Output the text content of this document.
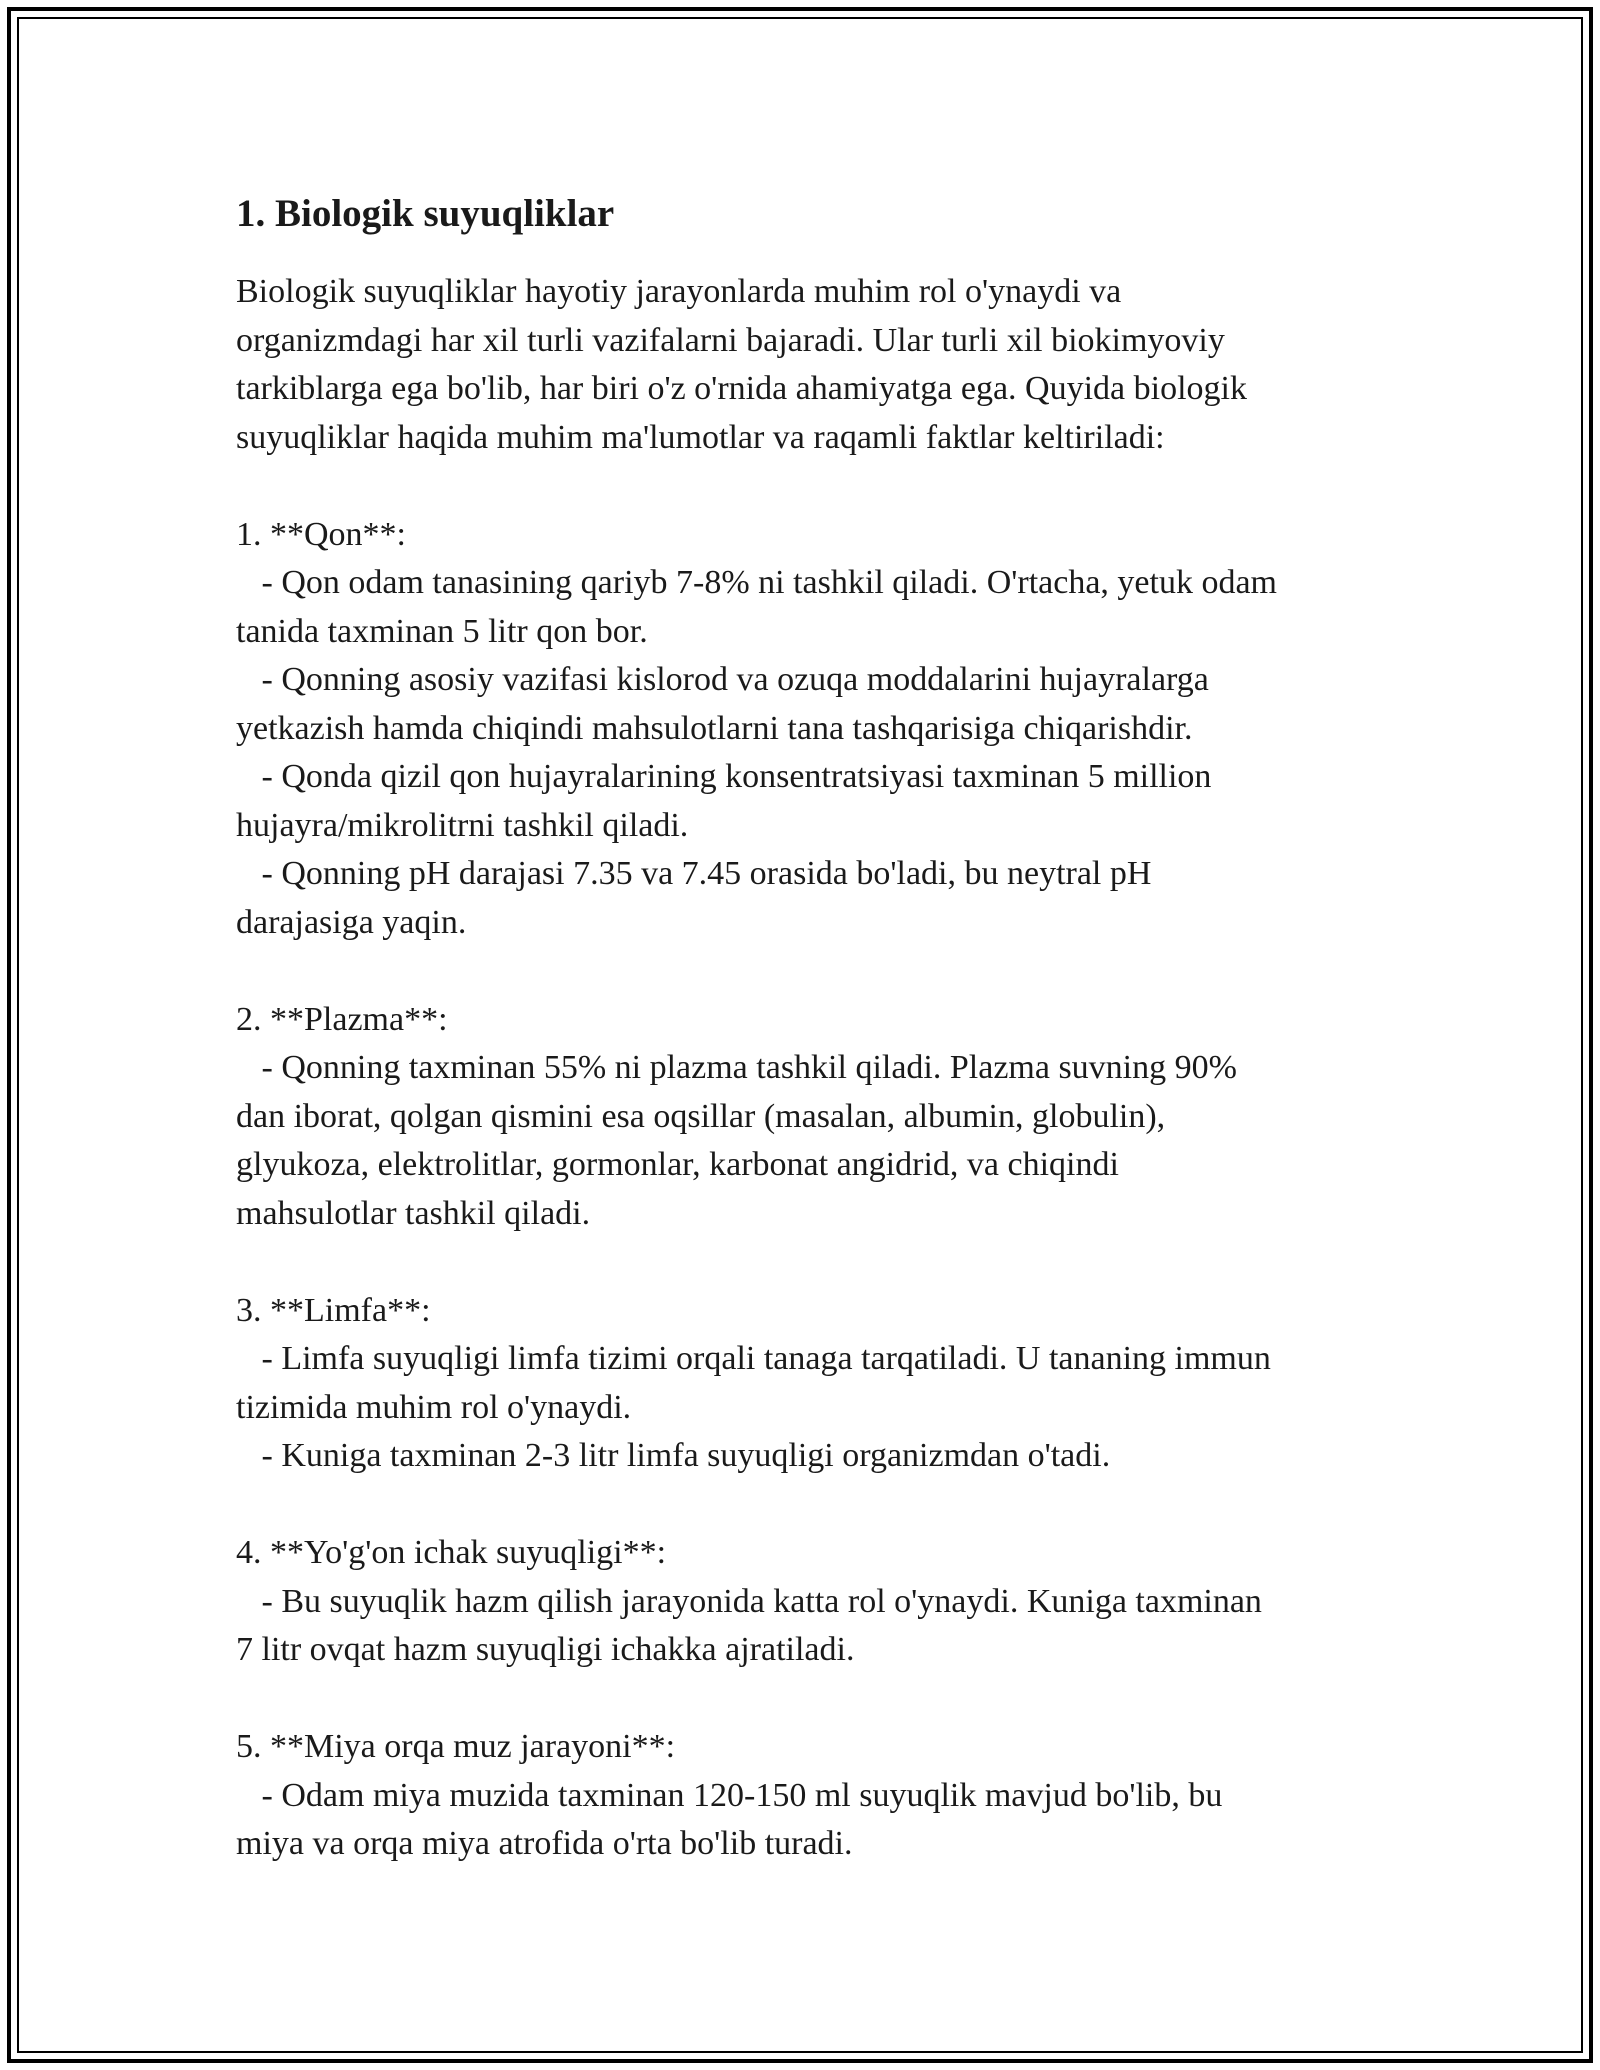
1. Biologik suyuqliklar
Biologik suyuqliklar hayotiy jarayonlarda muhim rol o'ynaydi va
organizmdagi har xil turli vazifalarni bajaradi. Ular turli xil biokimyoviy
tarkiblarga ega bo'lib, har biri o'z o'rnida ahamiyatga ega. Quyida biologik
suyuqliklar haqida muhim ma'lumotlar va raqamli faktlar keltiriladi:

1. **Qon**:
- Qon odam tanasining qariyb 7-8% ni tashkil qiladi. O'rtacha, yetuk odam
tanida taxminan 5 litr qon bor.
- Qonning asosiy vazifasi kislorod va ozuqa moddalarini hujayralarga
yetkazish hamda chiqindi mahsulotlarni tana tashqarisiga chiqarishdir.
- Qonda qizil qon hujayralarining konsentratsiyasi taxminan 5 million
hujayra/mikrolitrni tashkil qiladi.
- Qonning pH darajasi 7.35 va 7.45 orasida bo'ladi, bu neytral pH
darajasiga yaqin.

2. **Plazma**:
- Qonning taxminan 55% ni plazma tashkil qiladi. Plazma suvning 90%
dan iborat, qolgan qismini esa oqsillar (masalan, albumin, globulin),
glyukoza, elektrolitlar, gormonlar, karbonat angidrid, va chiqindi
mahsulotlar tashkil qiladi.

3. **Limfa**:
- Limfa suyuqligi limfa tizimi orqali tanaga tarqatiladi. U tananing immun
tizimida muhim rol o'ynaydi.
- Kuniga taxminan 2-3 litr limfa suyuqligi organizmdan o'tadi.

4. **Yo'g'on ichak suyuqligi**:
- Bu suyuqlik hazm qilish jarayonida katta rol o'ynaydi. Kuniga taxminan
7 litr ovqat hazm suyuqligi ichakka ajratiladi.

5. **Miya orqa muz jarayoni**:
- Odam miya muzida taxminan 120-150 ml suyuqlik mavjud bo'lib, bu
miya va orqa miya atrofida o'rta bo'lib turadi.
